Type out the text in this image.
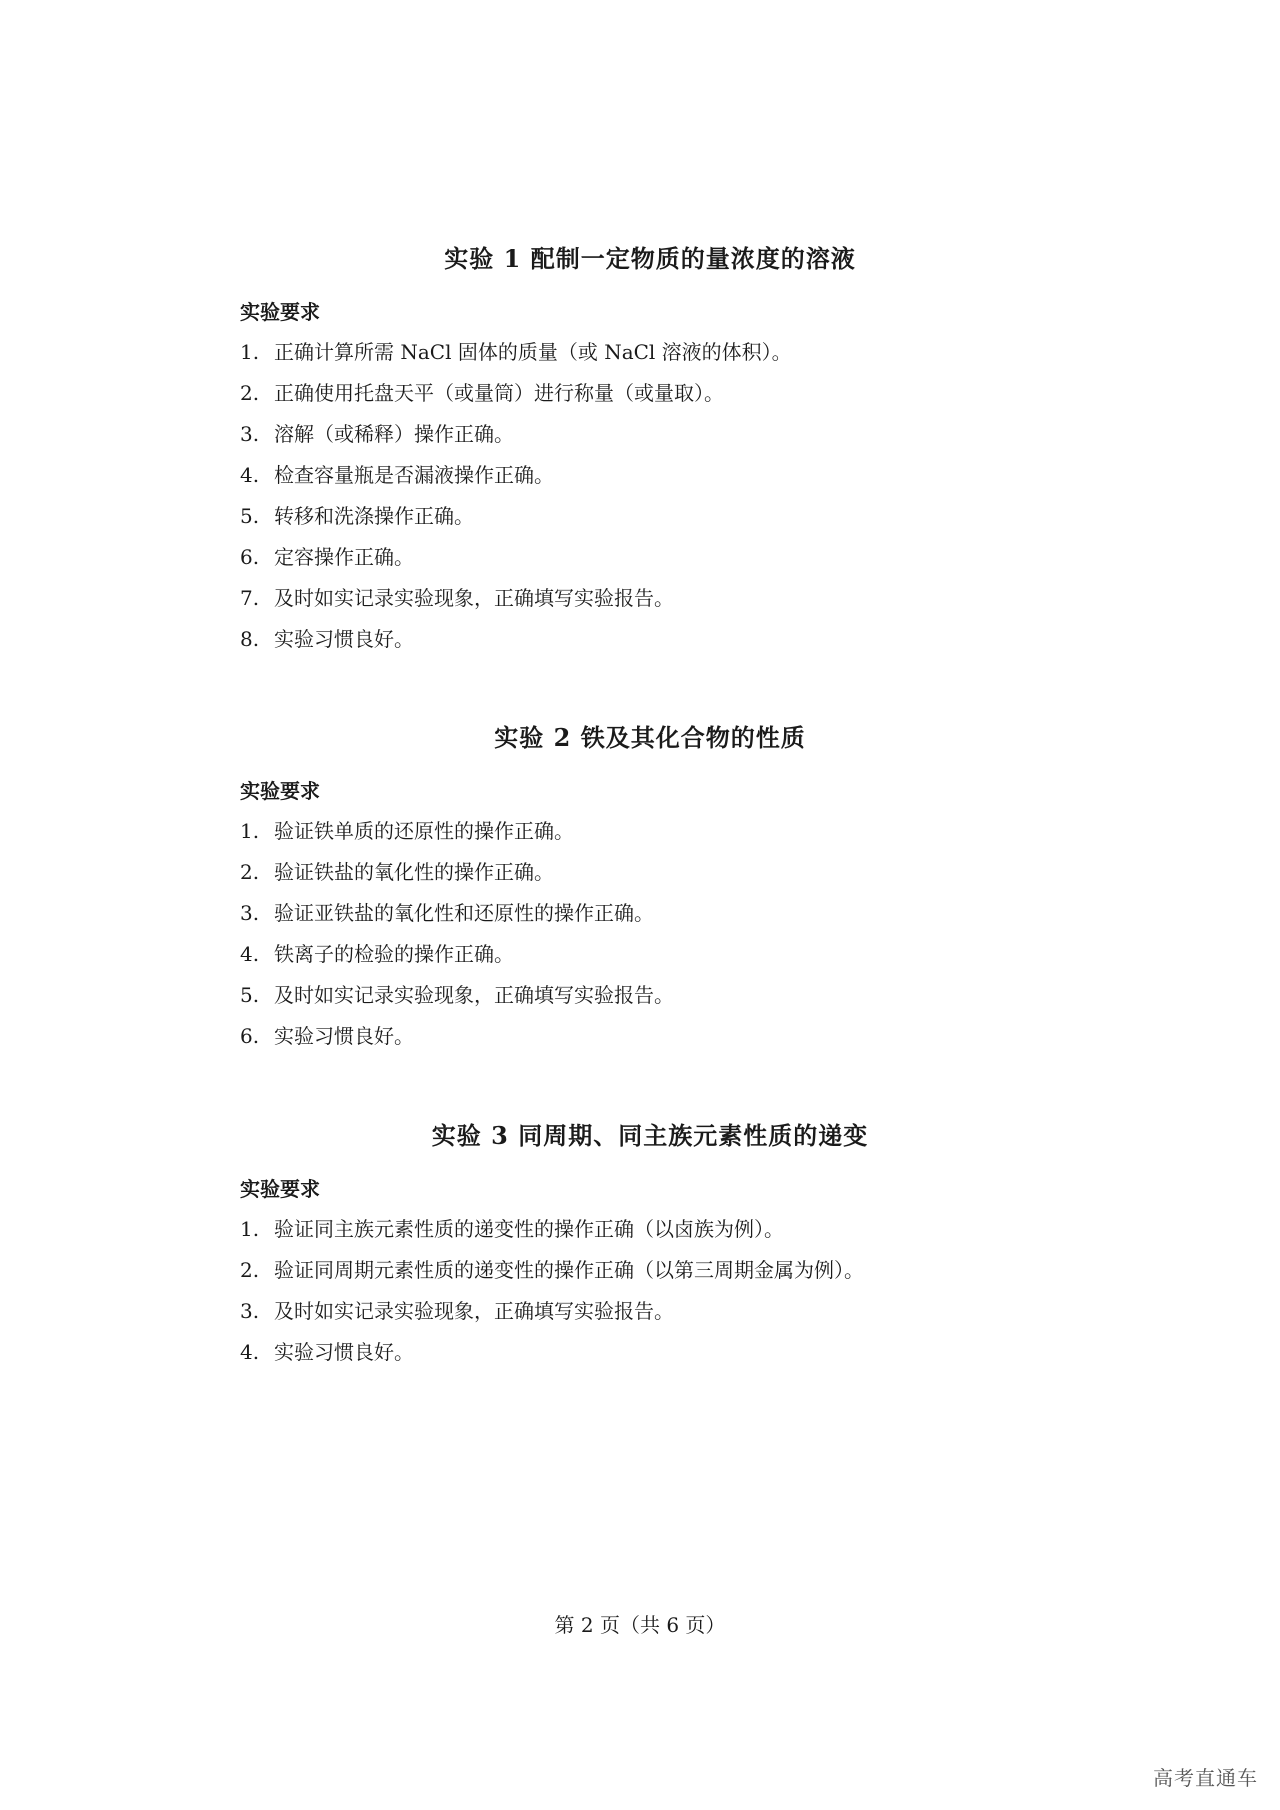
实验 1 配制一定物质的量浓度的溶液
实验要求
1. 正确计算所需 NaCl 固体的质量（或 NaCl 溶液的体积）。
2. 正确使用托盘天平（或量筒）进行称量（或量取）。
3. 溶解（或稀释）操作正确。
4. 检查容量瓶是否漏液操作正确。
5. 转移和洗涤操作正确。
6. 定容操作正确。
7. 及时如实记录实验现象，正确填写实验报告。
8. 实验习惯良好。
实验 2 铁及其化合物的性质
实验要求
1. 验证铁单质的还原性的操作正确。
2. 验证铁盐的氧化性的操作正确。
3. 验证亚铁盐的氧化性和还原性的操作正确。
4. 铁离子的检验的操作正确。
5. 及时如实记录实验现象，正确填写实验报告。
6. 实验习惯良好。
实验 3 同周期、同主族元素性质的递变
实验要求
1. 验证同主族元素性质的递变性的操作正确（以卤族为例）。
2. 验证同周期元素性质的递变性的操作正确（以第三周期金属为例）。
3. 及时如实记录实验现象，正确填写实验报告。
4. 实验习惯良好。
第 2 页（共 6 页）
高考直通车
